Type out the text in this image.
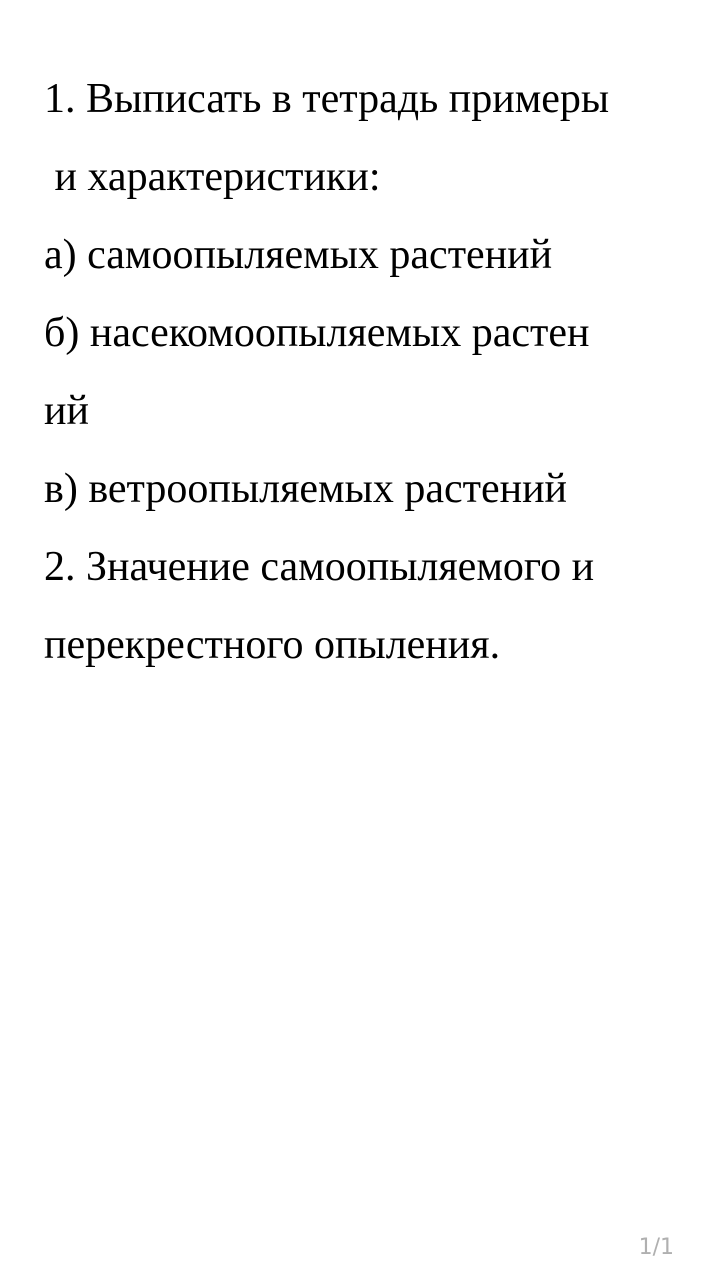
1. Выписать в тетрадь примеры
и характеристики:
а) самоопыляемых растений
б) насекомоопыляемых растен
ий
в) ветроопыляемых растений
2. Значение самоопыляемого и
перекрестного опыления.
1/1
